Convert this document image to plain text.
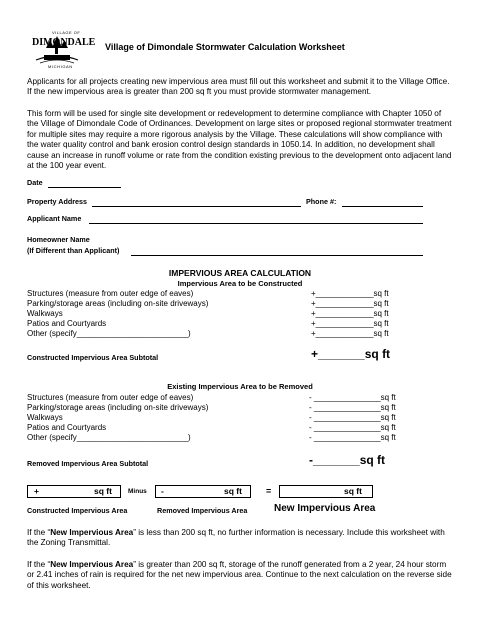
VILLAGE OF
DIMONDALE
MICHIGAN
Village of Dimondale Stormwater Calculation Worksheet
Applicants for all projects creating new impervious area must fill out this worksheet and submit it to the Village Office. If the new impervious area is greater than 200 sq ft you must provide stormwater management.
This form will be used for single site development or redevelopment to determine compliance with Chapter 1050 of the Village of Dimondale Code of Ordinances. Development on large sites or proposed regional stormwater treatment for multiple sites may require a more rigorous analysis by the Village. These calculations will show compliance with the water quality control and bank erosion control design standards in 1050.14. In addition, no development shall cause an increase in runoff volume or rate from the condition existing previous to the development onto adjacent land at the 100 year event.
Date
Property Address	Phone #:
Applicant Name
Homeowner Name
(If Different than Applicant)
IMPERVIOUS AREA CALCULATION
Impervious Area to be Constructed
Structures (measure from outer edge of eaves)	+_____________sq ft
Parking/storage areas (including on-site driveways)	+_____________sq ft
Walkways	+_____________sq ft
Patios and Courtyards	+_____________sq ft
Other (specify_________________________)	+_____________sq ft
Constructed Impervious Area Subtotal	+_______sq ft
Existing Impervious Area to be Removed
Structures (measure from outer edge of eaves)	- _______________sq ft
Parking/storage areas (including on-site driveways)	- _______________sq ft
Walkways	- _______________sq ft
Patios and Courtyards	- _______________sq ft
Other (specify_________________________)	- _______________sq ft
Removed Impervious Area Subtotal	-_______sq ft
+	sq ft Minus -	sq ft	=	sq ft
Constructed Impervious Area	Removed Impervious Area	New Impervious Area
If the “New Impervious Area” is less than 200 sq ft, no further information is necessary. Include this worksheet with the Zoning Transmittal.
If the “New Impervious Area” is greater than 200 sq ft, storage of the runoff generated from a 2 year, 24 hour storm or 2.41 inches of rain is required for the net new impervious area. Continue to the next calculation on the reverse side of this worksheet.
